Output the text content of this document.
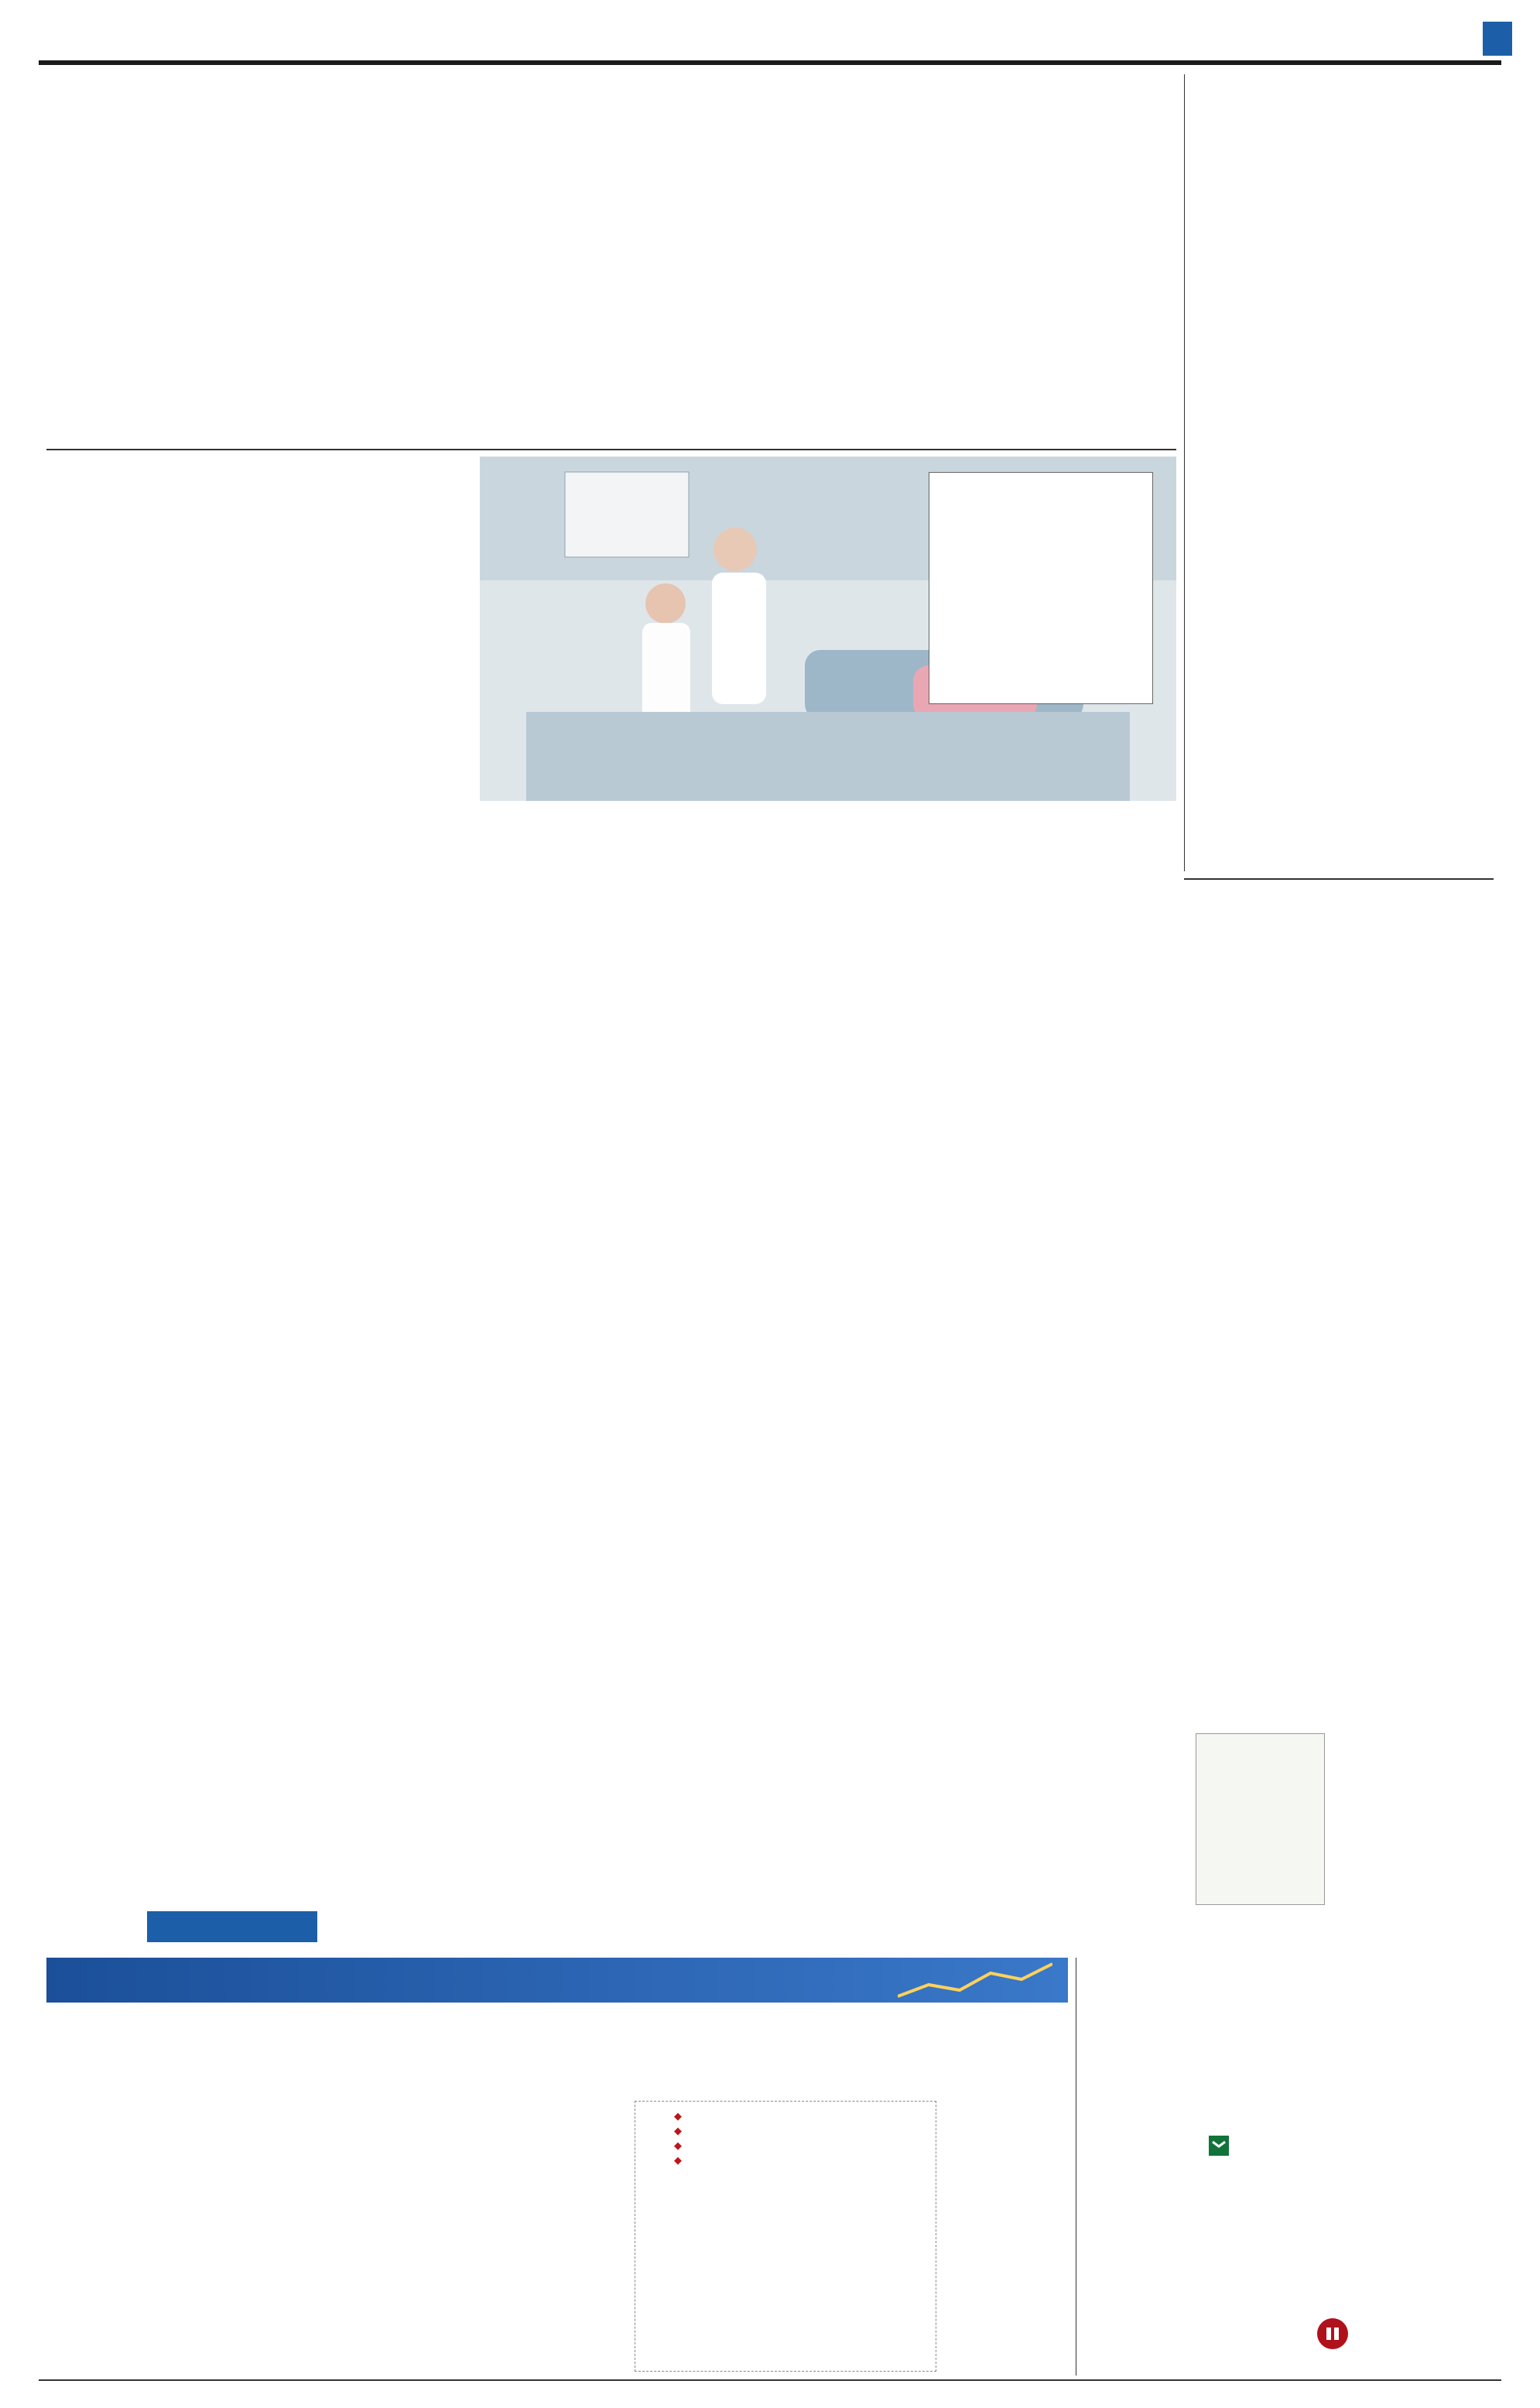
◆
◆
◆
◆
